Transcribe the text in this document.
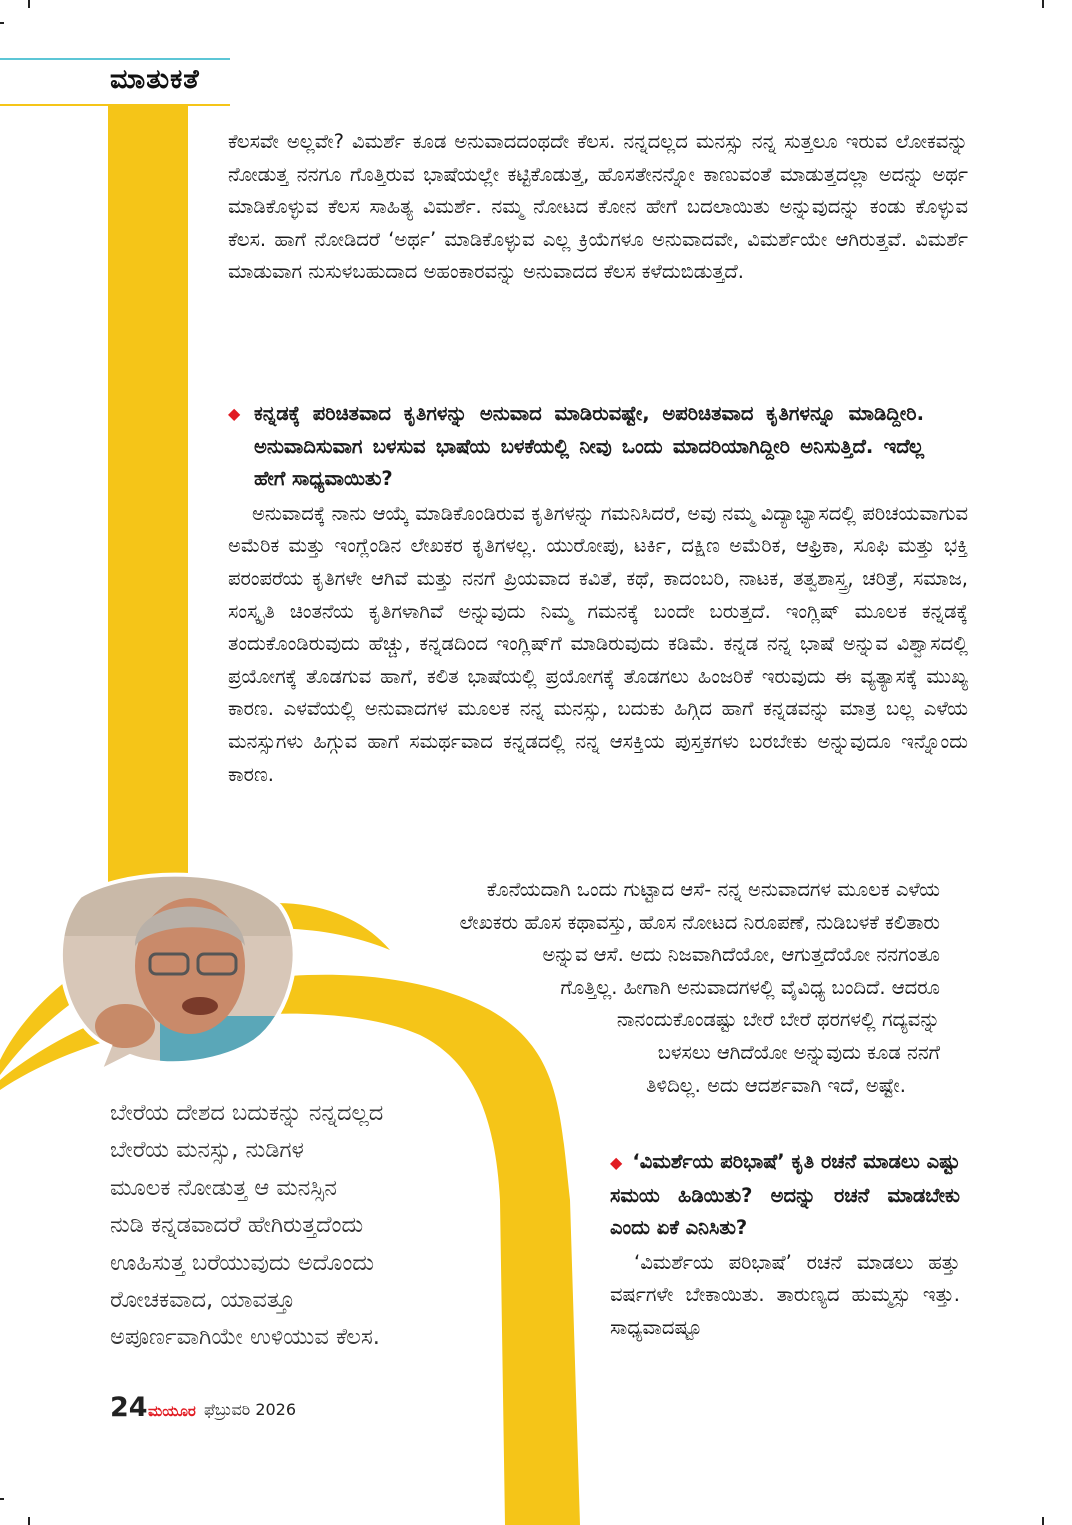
ಮಾತುಕತೆ

ಕೆಲಸವೇ ಅಲ್ಲವೇ? ವಿಮರ್ಶೆ ಕೂಡ ಅನುವಾದದಂಥದೇ ಕೆಲಸ. ನನ್ನದಲ್ಲದ ಮನಸ್ಸು ನನ್ನ ಸುತ್ತಲೂ ಇರುವ ಲೋಕವನ್ನು ನೋಡುತ್ತ ನನಗೂ ಗೊತ್ತಿರುವ ಭಾಷೆಯಲ್ಲೇ ಕಟ್ಟಿಕೊಡುತ್ತ, ಹೊಸತೇನನ್ನೋ ಕಾಣುವಂತೆ ಮಾಡುತ್ತದಲ್ಲಾ ಅದನ್ನು ಅರ್ಥ ಮಾಡಿಕೊಳ್ಳುವ ಕೆಲಸ ಸಾಹಿತ್ಯ ವಿಮರ್ಶೆ. ನಮ್ಮ ನೋಟದ ಕೋನ ಹೇಗೆ ಬದಲಾಯಿತು ಅನ್ನುವುದನ್ನು ಕಂಡು ಕೊಳ್ಳುವ ಕೆಲಸ. ಹಾಗೆ ನೋಡಿದರೆ ‘ಅರ್ಥ’ ಮಾಡಿಕೊಳ್ಳುವ ಎಲ್ಲ ಕ್ರಿಯೆಗಳೂ ಅನುವಾದವೇ, ವಿಮರ್ಶೆಯೇ ಆಗಿರುತ್ತವೆ. ವಿಮರ್ಶೆ ಮಾಡುವಾಗ ನುಸುಳಬಹುದಾದ ಅಹಂಕಾರವನ್ನು ಅನುವಾದದ ಕೆಲಸ ಕಳೆದುಬಿಡುತ್ತದೆ.

◆ ಕನ್ನಡಕ್ಕೆ ಪರಿಚಿತವಾದ ಕೃತಿಗಳನ್ನು ಅನುವಾದ ಮಾಡಿರುವಷ್ಟೇ, ಅಪರಿಚಿತವಾದ ಕೃತಿಗಳನ್ನೂ ಮಾಡಿದ್ದೀರಿ. ಅನುವಾದಿಸುವಾಗ ಬಳಸುವ ಭಾಷೆಯ ಬಳಕೆಯಲ್ಲಿ ನೀವು ಒಂದು ಮಾದರಿಯಾಗಿದ್ದೀರಿ ಅನಿಸುತ್ತಿದೆ. ಇದೆಲ್ಲ ಹೇಗೆ ಸಾಧ್ಯವಾಯಿತು?

ಅನುವಾದಕ್ಕೆ ನಾನು ಆಯ್ಕೆ ಮಾಡಿಕೊಂಡಿರುವ ಕೃತಿಗಳನ್ನು ಗಮನಿಸಿದರೆ, ಅವು ನಮ್ಮ ವಿದ್ಯಾಭ್ಯಾಸದಲ್ಲಿ ಪರಿಚಯವಾಗುವ ಅಮೆರಿಕ ಮತ್ತು ಇಂಗ್ಲೆಂಡಿನ ಲೇಖಕರ ಕೃತಿಗಳಲ್ಲ. ಯುರೋಪು, ಟರ್ಕಿ, ದಕ್ಷಿಣ ಅಮೆರಿಕ, ಆಫ್ರಿಕಾ, ಸೂಫಿ ಮತ್ತು ಭಕ್ತಿ ಪರಂಪರೆಯ ಕೃತಿಗಳೇ ಆಗಿವೆ ಮತ್ತು ನನಗೆ ಪ್ರಿಯವಾದ ಕವಿತೆ, ಕಥೆ, ಕಾದಂಬರಿ, ನಾಟಕ, ತತ್ವಶಾಸ್ತ್ರ, ಚರಿತ್ರೆ, ಸಮಾಜ, ಸಂಸ್ಕೃತಿ ಚಿಂತನೆಯ ಕೃತಿಗಳಾಗಿವೆ ಅನ್ನುವುದು ನಿಮ್ಮ ಗಮನಕ್ಕೆ ಬಂದೇ ಬರುತ್ತದೆ. ಇಂಗ್ಲಿಷ್ ಮೂಲಕ ಕನ್ನಡಕ್ಕೆ ತಂದುಕೊಂಡಿರುವುದು ಹೆಚ್ಚು, ಕನ್ನಡದಿಂದ ಇಂಗ್ಲಿಷ್‌ಗೆ ಮಾಡಿರುವುದು ಕಡಿಮೆ. ಕನ್ನಡ ನನ್ನ ಭಾಷೆ ಅನ್ನುವ ವಿಶ್ವಾಸದಲ್ಲಿ ಪ್ರಯೋಗಕ್ಕೆ ತೊಡಗುವ ಹಾಗೆ, ಕಲಿತ ಭಾಷೆಯಲ್ಲಿ ಪ್ರಯೋಗಕ್ಕೆ ತೊಡಗಲು ಹಿಂಜರಿಕೆ ಇರುವುದು ಈ ವ್ಯತ್ಯಾಸಕ್ಕೆ ಮುಖ್ಯ ಕಾರಣ. ಎಳವೆಯಲ್ಲಿ ಅನುವಾದಗಳ ಮೂಲಕ ನನ್ನ ಮನಸ್ಸು, ಬದುಕು ಹಿಗ್ಗಿದ ಹಾಗೆ ಕನ್ನಡವನ್ನು ಮಾತ್ರ ಬಲ್ಲ ಎಳೆಯ ಮನಸ್ಸುಗಳು ಹಿಗ್ಗುವ ಹಾಗೆ ಸಮರ್ಥವಾದ ಕನ್ನಡದಲ್ಲಿ ನನ್ನ ಆಸಕ್ತಿಯ ಪುಸ್ತಕಗಳು ಬರಬೇಕು ಅನ್ನುವುದೂ ಇನ್ನೊಂದು ಕಾರಣ.

ಕೊನೆಯದಾಗಿ ಒಂದು ಗುಟ್ಟಾದ ಆಸೆ- ನನ್ನ ಅನುವಾದಗಳ ಮೂಲಕ ಎಳೆಯ

ಲೇಖಕರು ಹೊಸ ಕಥಾವಸ್ತು, ಹೊಸ ನೋಟದ ನಿರೂಪಣೆ, ನುಡಿಬಳಕೆ ಕಲಿತಾರು

ಅನ್ನುವ ಆಸೆ. ಅದು ನಿಜವಾಗಿದೆಯೋ, ಆಗುತ್ತದೆಯೋ ನನಗಂತೂ

ಗೊತ್ತಿಲ್ಲ. ಹೀಗಾಗಿ ಅನುವಾದಗಳಲ್ಲಿ ವೈವಿಧ್ಯ ಬಂದಿದೆ. ಆದರೂ

ನಾನಂದುಕೊಂಡಷ್ಟು ಬೇರೆ ಬೇರೆ ಥರಗಳಲ್ಲಿ ಗದ್ಯವನ್ನು

ಬಳಸಲು ಆಗಿದೆಯೋ ಅನ್ನುವುದು ಕೂಡ ನನಗೆ

ತಿಳಿದಿಲ್ಲ. ಅದು ಆದರ್ಶವಾಗಿ ಇದೆ, ಅಷ್ಟೇ.

ಬೇರೆಯ ದೇಶದ ಬದುಕನ್ನು ನನ್ನದಲ್ಲದ

ಬೇರೆಯ ಮನಸ್ಸು, ನುಡಿಗಳ

ಮೂಲಕ ನೋಡುತ್ತ ಆ ಮನಸ್ಸಿನ

ನುಡಿ ಕನ್ನಡವಾದರೆ ಹೇಗಿರುತ್ತದೆಂದು

ಊಹಿಸುತ್ತ ಬರೆಯುವುದು ಅದೊಂದು

ರೋಚಕವಾದ, ಯಾವತ್ತೂ

ಅಪೂರ್ಣವಾಗಿಯೇ ಉಳಿಯುವ ಕೆಲಸ.

◆ ‘ವಿಮರ್ಶೆಯ ಪರಿಭಾಷೆ’ ಕೃತಿ ರಚನೆ ಮಾಡಲು ಎಷ್ಟು ಸಮಯ ಹಿಡಿಯಿತು? ಅದನ್ನು ರಚನೆ ಮಾಡಬೇಕು ಎಂದು ಏಕೆ ಎನಿಸಿತು?

‘ವಿಮರ್ಶೆಯ ಪರಿಭಾಷೆ’ ರಚನೆ ಮಾಡಲು ಹತ್ತು ವರ್ಷಗಳೇ ಬೇಕಾಯಿತು. ತಾರುಣ್ಯದ ಹುಮ್ಮಸ್ಸು ಇತ್ತು. ಸಾಧ್ಯವಾದಷ್ಟೂ

24 ಮಯೂರ ಫೆಬ್ರುವರಿ 2026
